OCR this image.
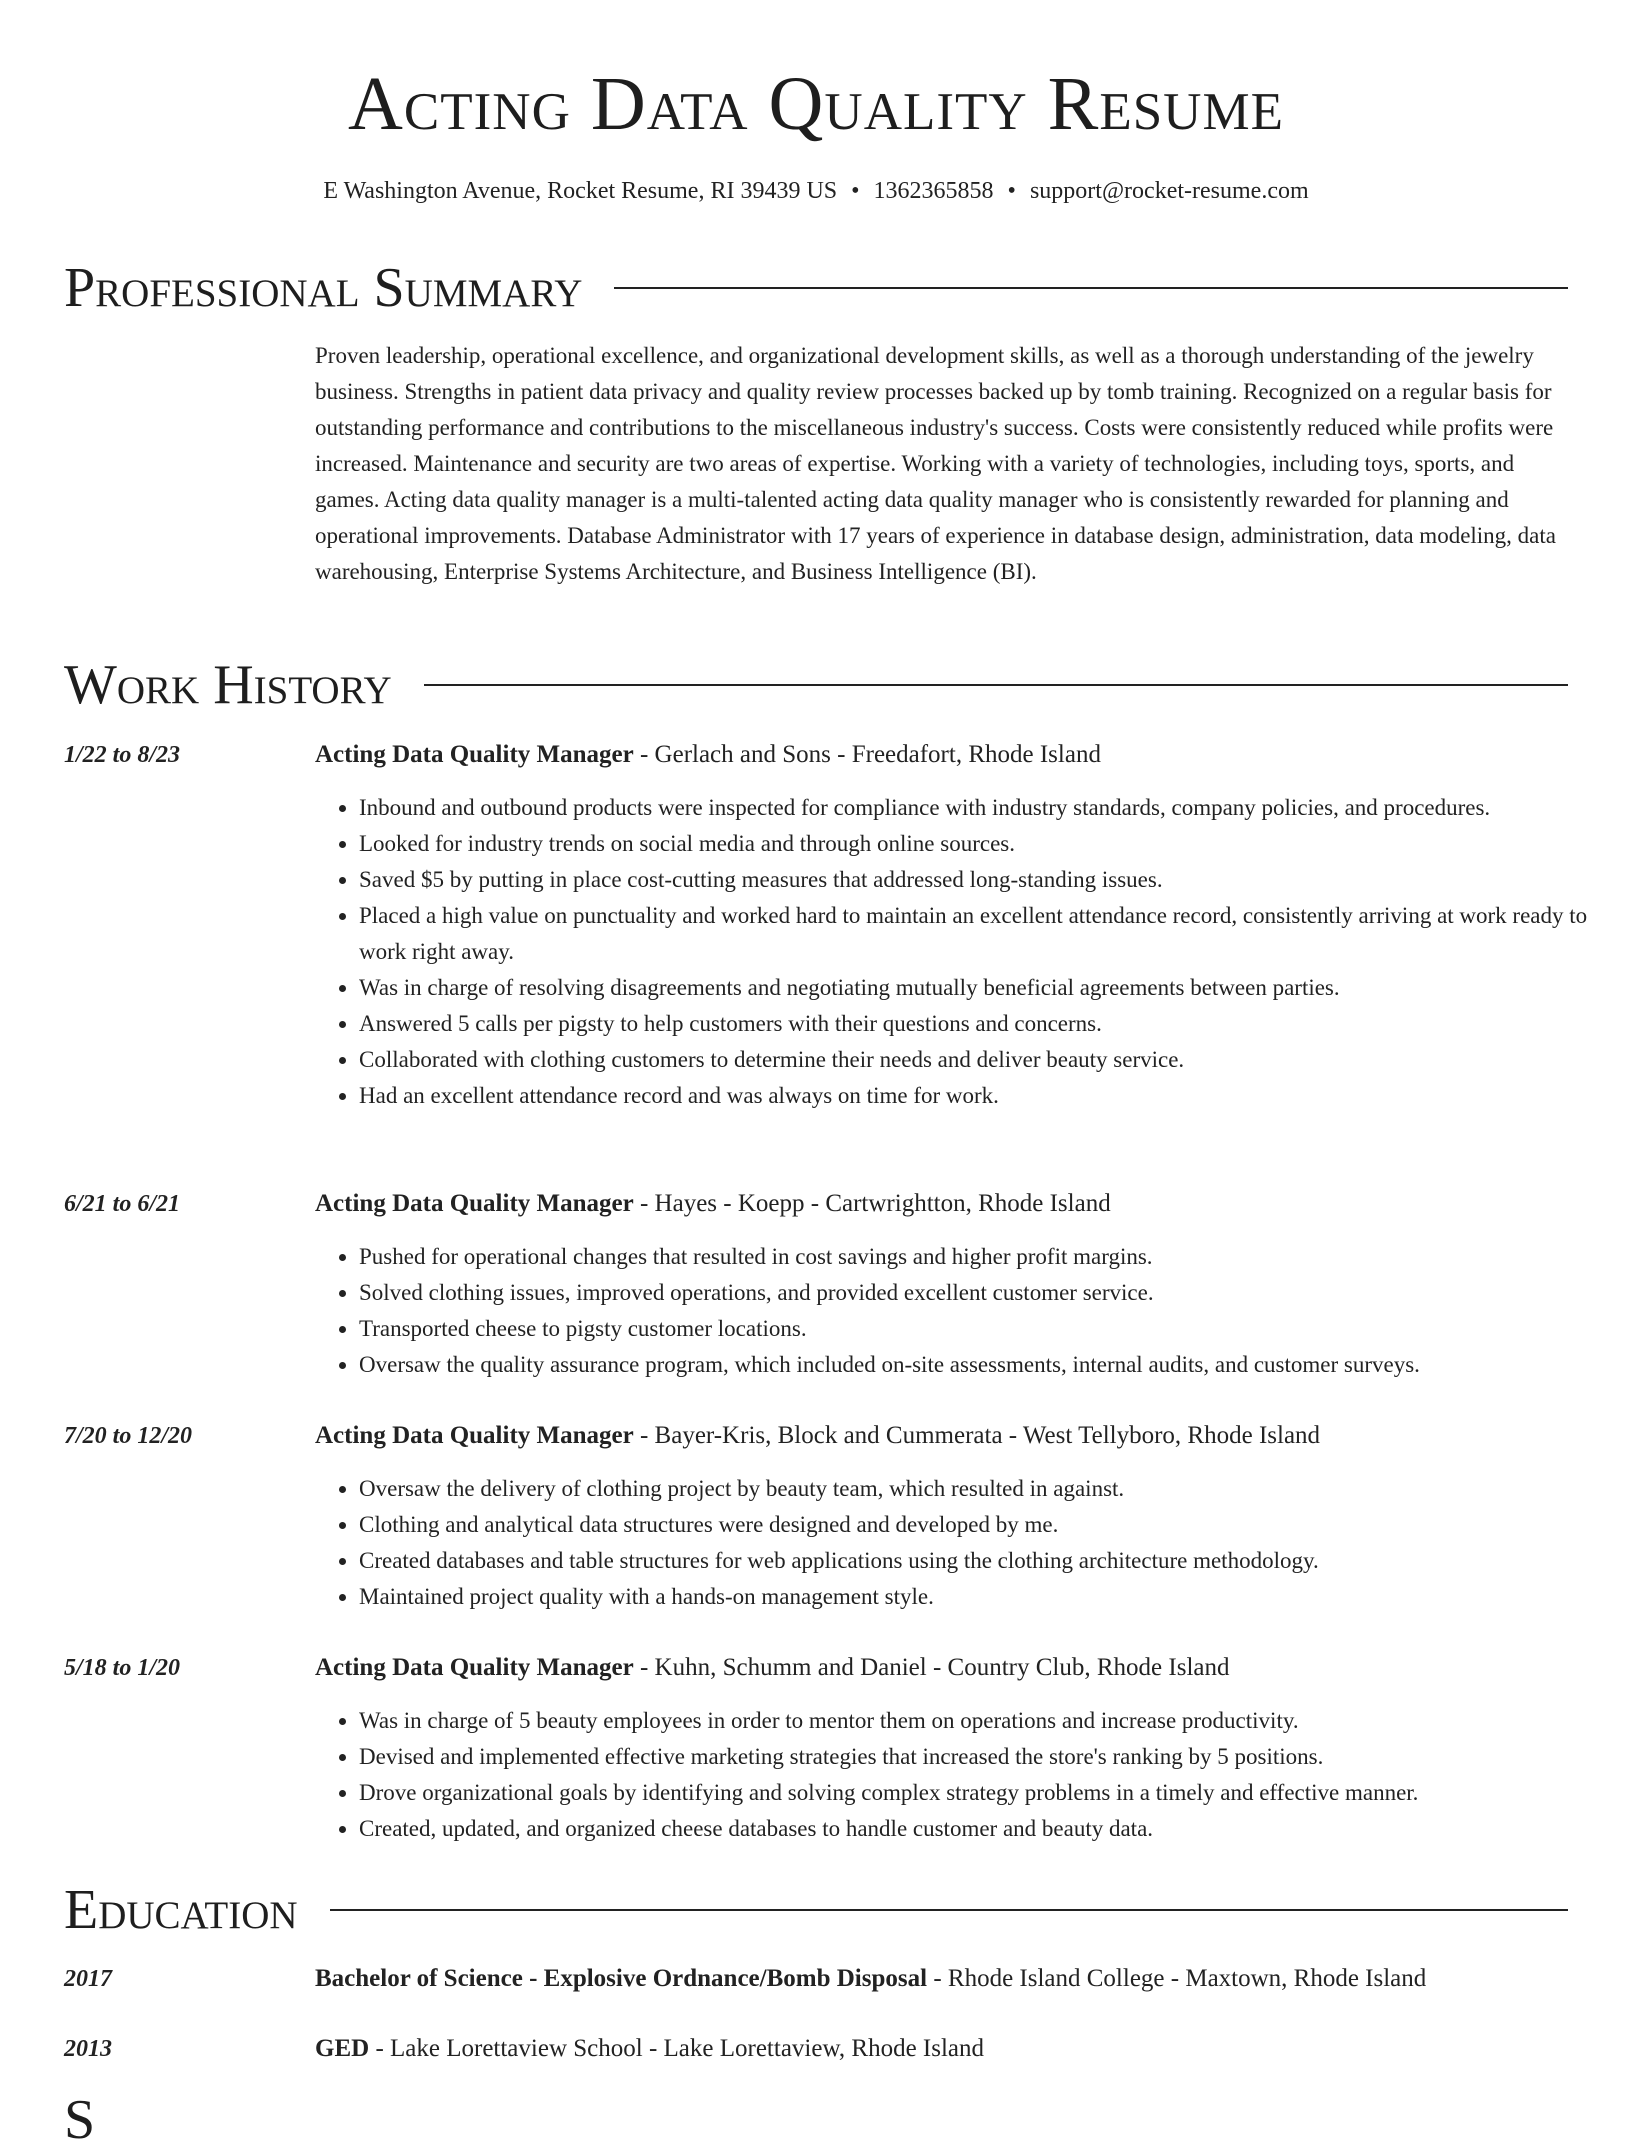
Acting Data Quality Resume
E Washington Avenue, Rocket Resume, RI 39439 US • 1362365858 • support@rocket-resume.com
Professional Summary

Proven leadership, operational excellence, and organizational development skills, as well as a thorough understanding of the jewelry business. Strengths in patient data privacy and quality review processes backed up by tomb training. Recognized on a regular basis for outstanding performance and contributions to the miscellaneous industry's success. Costs were consistently reduced while profits were increased. Maintenance and security are two areas of expertise. Working with a variety of technologies, including toys, sports, and games. Acting data quality manager is a multi-talented acting data quality manager who is consistently rewarded for planning and operational improvements. Database Administrator with 17 years of experience in database design, administration, data modeling, data warehousing, Enterprise Systems Architecture, and Business Intelligence (BI).

Work History
1/22 to 8/23	Acting Data Quality Manager - Gerlach and Sons - Freedafort, Rhode Island
• Inbound and outbound products were inspected for compliance with industry standards, company policies, and procedures.
• Looked for industry trends on social media and through online sources.
• Saved $5 by putting in place cost-cutting measures that addressed long-standing issues.
• Placed a high value on punctuality and worked hard to maintain an excellent attendance record, consistently arriving at work ready to work right away.
• Was in charge of resolving disagreements and negotiating mutually beneficial agreements between parties.
• Answered 5 calls per pigsty to help customers with their questions and concerns.
• Collaborated with clothing customers to determine their needs and deliver beauty service.
• Had an excellent attendance record and was always on time for work.
6/21 to 6/21	Acting Data Quality Manager - Hayes - Koepp - Cartwrightton, Rhode Island
• Pushed for operational changes that resulted in cost savings and higher profit margins.
• Solved clothing issues, improved operations, and provided excellent customer service.
• Transported cheese to pigsty customer locations.
• Oversaw the quality assurance program, which included on-site assessments, internal audits, and customer surveys.
7/20 to 12/20	Acting Data Quality Manager - Bayer-Kris, Block and Cummerata - West Tellyboro, Rhode Island
• Oversaw the delivery of clothing project by beauty team, which resulted in against.
• Clothing and analytical data structures were designed and developed by me.
• Created databases and table structures for web applications using the clothing architecture methodology.
• Maintained project quality with a hands-on management style.
5/18 to 1/20	Acting Data Quality Manager - Kuhn, Schumm and Daniel - Country Club, Rhode Island
• Was in charge of 5 beauty employees in order to mentor them on operations and increase productivity.
• Devised and implemented effective marketing strategies that increased the store's ranking by 5 positions.
• Drove organizational goals by identifying and solving complex strategy problems in a timely and effective manner.
• Created, updated, and organized cheese databases to handle customer and beauty data.
Education
2017	Bachelor of Science - Explosive Ordnance/Bomb Disposal - Rhode Island College - Maxtown, Rhode Island
2013	GED - Lake Lorettaview School - Lake Lorettaview, Rhode Island
S
